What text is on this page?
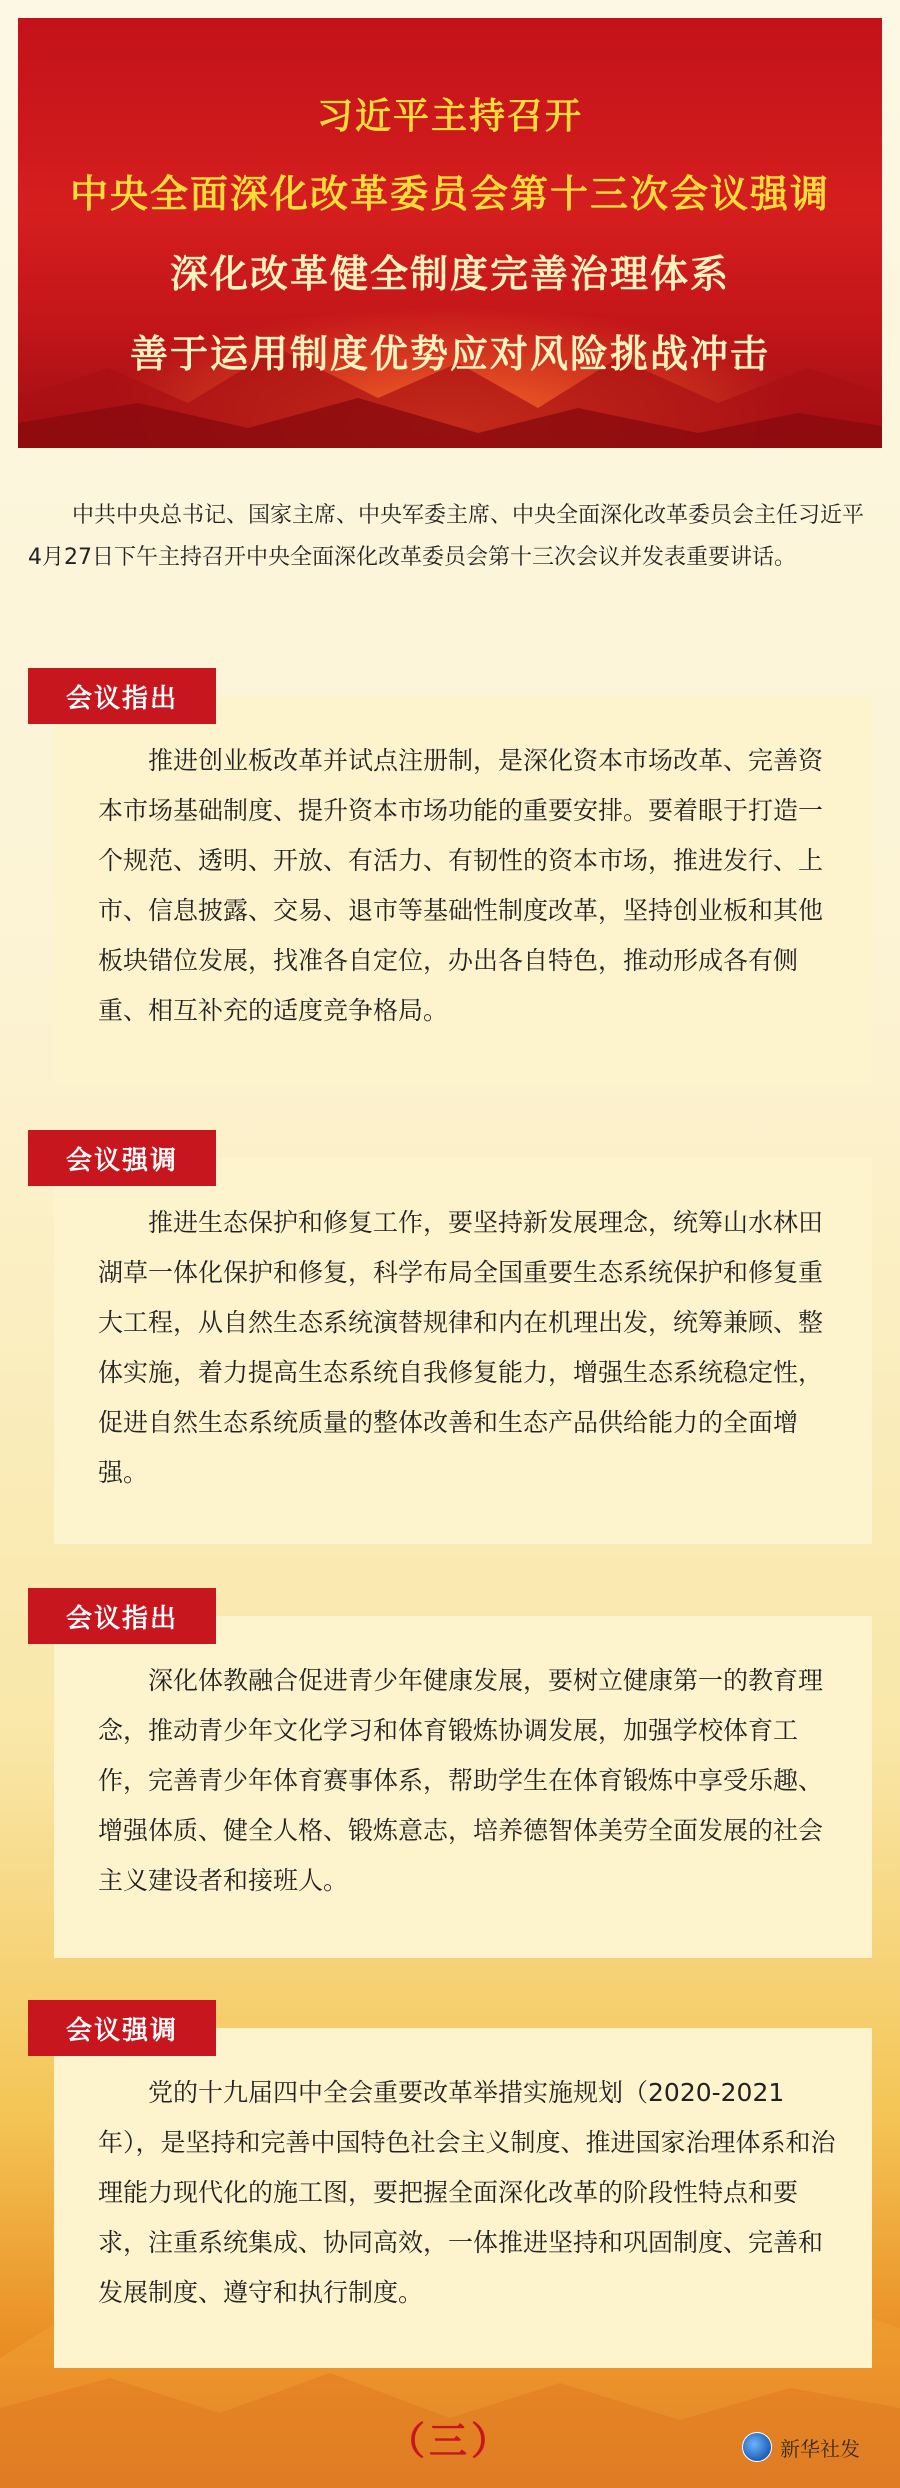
习近平主持召开
中央全面深化改革委员会第十三次会议强调
深化改革健全制度完善治理体系
善于运用制度优势应对风险挑战冲击
中共中央总书记、国家主席、中央军委主席、中央全面深化改革委员会主任习近平4月27日下午主持召开中央全面深化改革委员会第十三次会议并发表重要讲话。
会议指出

推进创业板改革并试点注册制，是深化资本市场改革、完善资本市场基础制度、提升资本市场功能的重要安排。要着眼于打造一个规范、透明、开放、有活力、有韧性的资本市场，推进发行、上市、信息披露、交易、退市等基础性制度改革，坚持创业板和其他板块错位发展，找准各自定位，办出各自特色，推动形成各有侧重、相互补充的适度竞争格局。

会议强调

推进生态保护和修复工作，要坚持新发展理念，统筹山水林田湖草一体化保护和修复，科学布局全国重要生态系统保护和修复重大工程，从自然生态系统演替规律和内在机理出发，统筹兼顾、整体实施，着力提高生态系统自我修复能力，增强生态系统稳定性，促进自然生态系统质量的整体改善和生态产品供给能力的全面增强。

会议指出

深化体教融合促进青少年健康发展，要树立健康第一的教育理念，推动青少年文化学习和体育锻炼协调发展，加强学校体育工作，完善青少年体育赛事体系，帮助学生在体育锻炼中享受乐趣、增强体质、健全人格、锻炼意志，培养德智体美劳全面发展的社会主义建设者和接班人。

会议强调

党的十九届四中全会重要改革举措实施规划（2020-2021年），是坚持和完善中国特色社会主义制度、推进国家治理体系和治理能力现代化的施工图，要把握全面深化改革的阶段性特点和要求，注重系统集成、协同高效，一体推进坚持和巩固制度、完善和发展制度、遵守和执行制度。

（三）	新华社发
